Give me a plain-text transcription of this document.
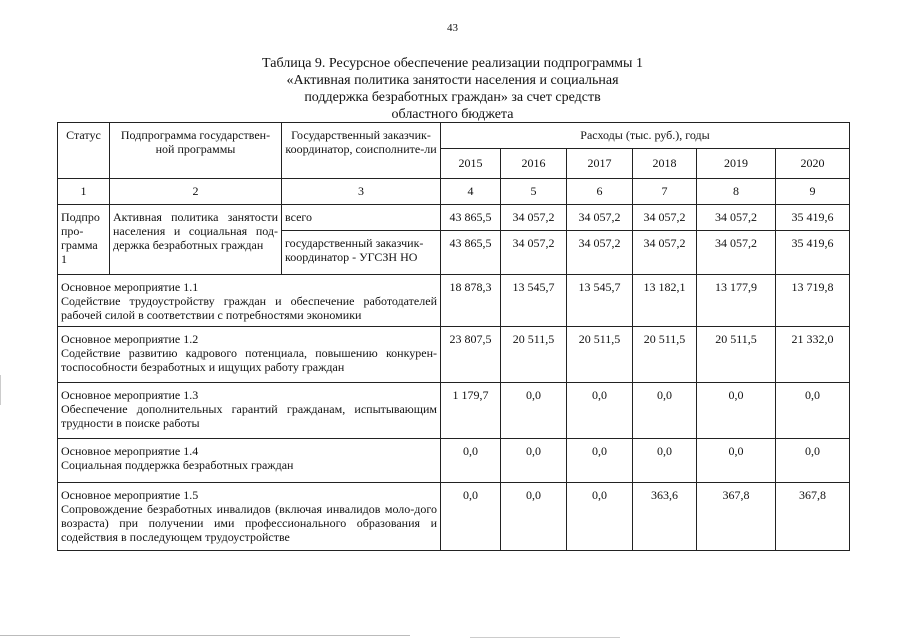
43
Таблица 9. Ресурсное обеспечение реализации подпрограммы 1
«Активная политика занятости населения и социальная
поддержка безработных граждан» за счет средств
областного бюджета
Статус	Подпрограмма государствен-ной программы	Государственный заказчик-координатор, соисполните-ли	Расходы (тыс. руб.), годы					
			2015	2016	2017	2018	2019	2020
1	2	3	4	5	6	7	8	9
Подпро про-грамма 1	Активная политика занятости населения и социальная под-держка безработных граждан	всего	43 865,5	34 057,2	34 057,2	34 057,2	34 057,2	35 419,6
		государственный заказчик-координатор - УГСЗН НО	43 865,5	34 057,2	34 057,2	34 057,2	34 057,2	35 419,6

Основное мероприятие 1.1
Содействие трудоустройству граждан и обеспечение работодателей рабочей силой в соответствии с потребностями экономики			18 878,3	13 545,7	13 545,7	13 182,1	13 177,9	13 719,8

Основное мероприятие 1.2
Содействие развитию кадрового потенциала, повышению конкурен-тоспособности безработных и ищущих работу граждан			23 807,5	20 511,5	20 511,5	20 511,5	20 511,5	21 332,0

Основное мероприятие 1.3
Обеспечение дополнительных гарантий гражданам, испытывающим трудности в поиске работы			1 179,7	0,0	0,0	0,0	0,0	0,0

Основное мероприятие 1.4
Социальная поддержка безработных граждан			0,0	0,0	0,0	0,0	0,0	0,0

Основное мероприятие 1.5
Сопровождение безработных инвалидов (включая инвалидов моло-дого возраста) при получении ими профессионального образования и содействия в последующем трудоустройстве			0,0	0,0	0,0	363,6	367,8	367,8
